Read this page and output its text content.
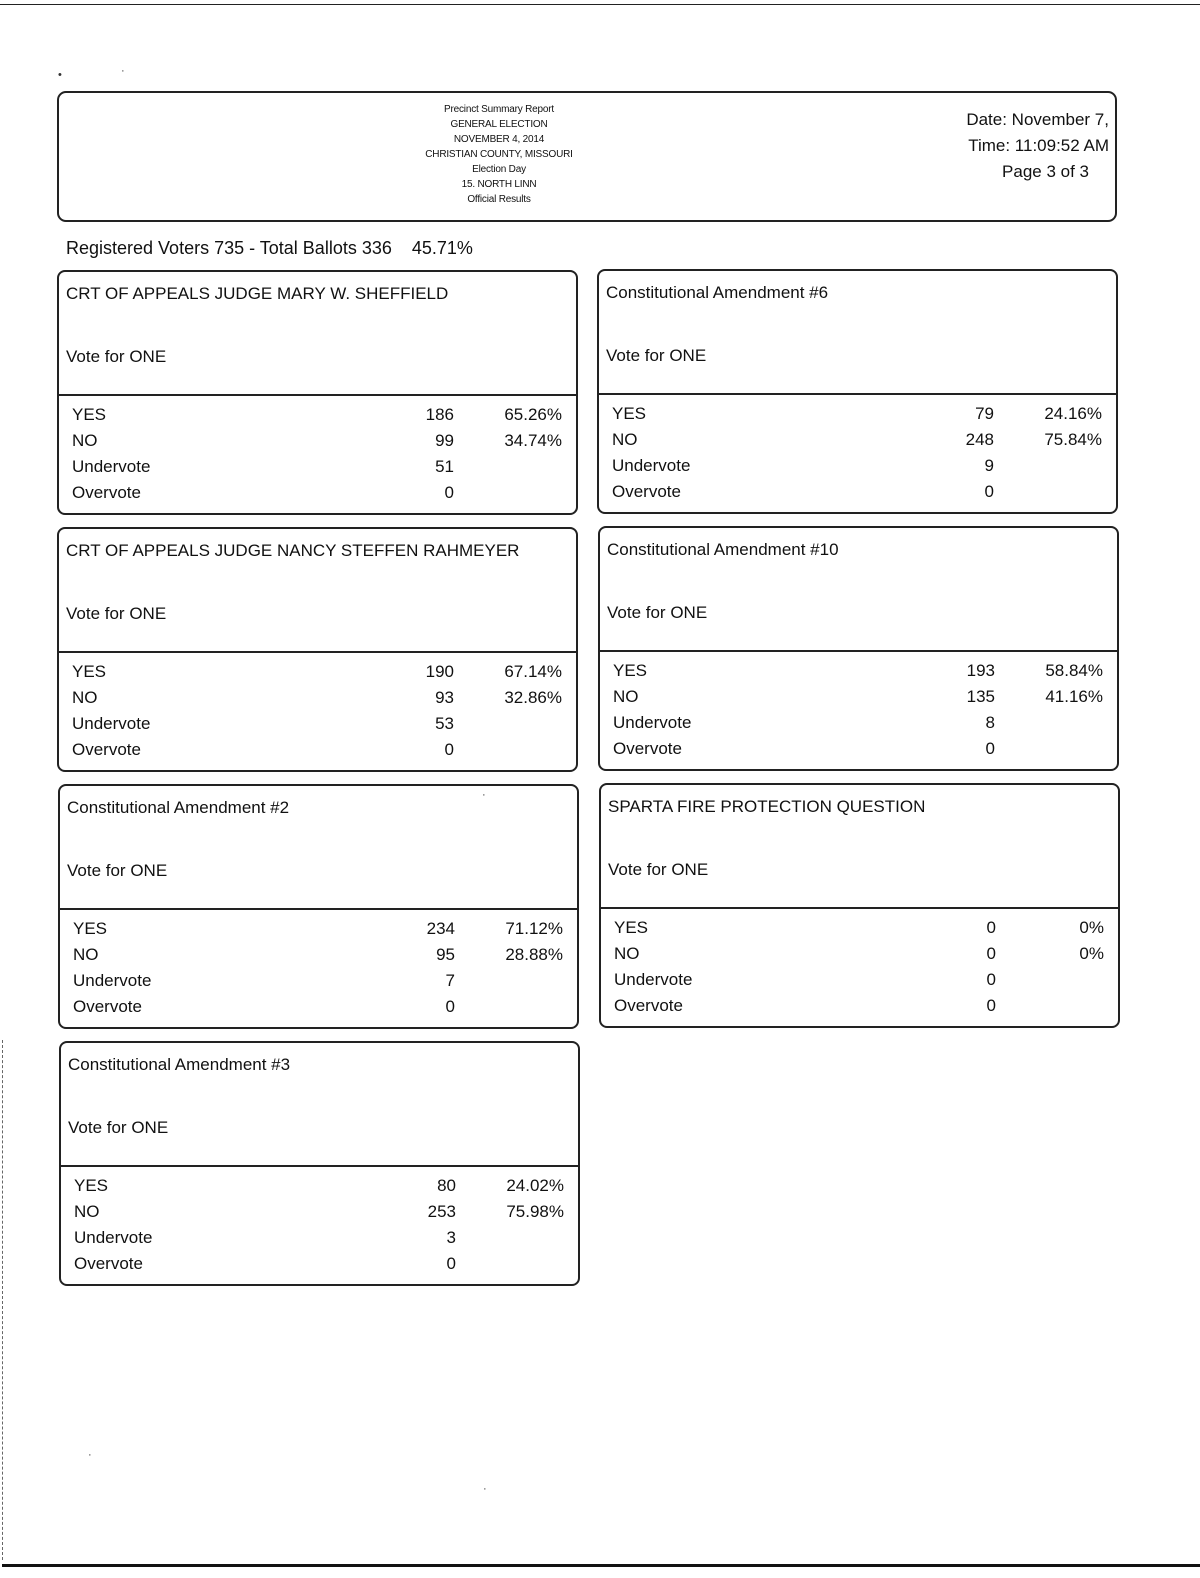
•	·
·
·
·
Precinct Summary Report
GENERAL ELECTION
NOVEMBER 4, 2014
CHRISTIAN COUNTY, MISSOURI
Election Day
15. NORTH LINN
Official Results
Date: November 7,
Time: 11:09:52 AM
Page 3 of 3
Registered Voters 735 - Total Ballots 336 45.71%
CRT OF APPEALS JUDGE MARY W. SHEFFIELD
Vote for ONE
YES	186	65.26%
NO	99	34.74%
Undervote	51
Overvote	0
Constitutional Amendment #6
Vote for ONE
YES	79	24.16%
NO	248	75.84%
Undervote	9
Overvote	0
CRT OF APPEALS JUDGE NANCY STEFFEN RAHMEYER
Vote for ONE
YES	190	67.14%
NO	93	32.86%
Undervote	53
Overvote	0
Constitutional Amendment #10
Vote for ONE
YES	193	58.84%
NO	135	41.16%
Undervote	8
Overvote	0
Constitutional Amendment #2
Vote for ONE
YES	234	71.12%
NO	95	28.88%
Undervote	7
Overvote	0
SPARTA FIRE PROTECTION QUESTION
Vote for ONE
YES	0	0%
NO	0	0%
Undervote	0
Overvote	0
Constitutional Amendment #3
Vote for ONE
YES	80	24.02%
NO	253	75.98%
Undervote	3
Overvote	0
